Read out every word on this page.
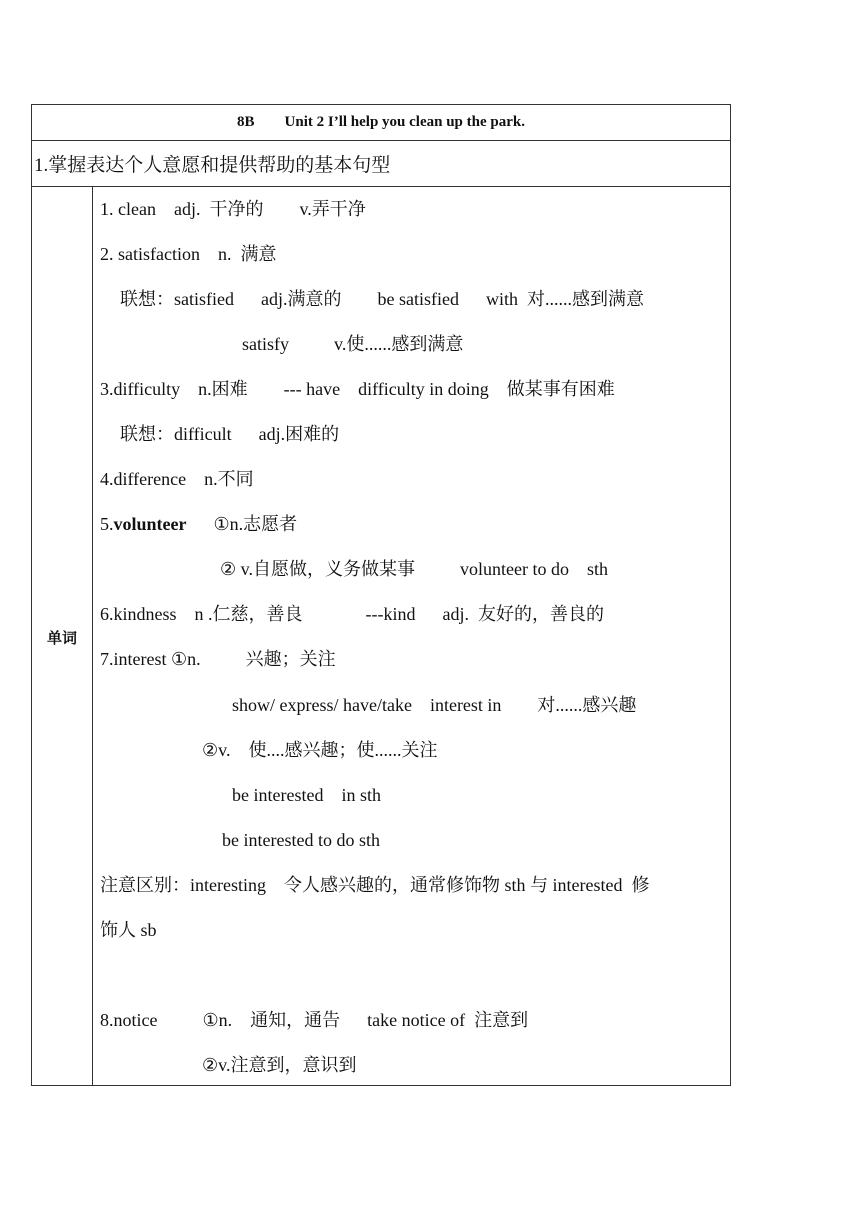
8B        Unit 2 I’ll help you clean up the park.
1.掌握表达个人意愿和提供帮助的基本句型
单词
1. clean    adj.  干净的        v.弄干净
2. satisfaction    n.  满意
联想：satisfied      adj.满意的        be satisfied      with  对......感到满意
satisfy          v.使......感到满意
3.difficulty    n.困难        --- have    difficulty in doing    做某事有困难
联想：difficult      adj.困难的
4.difference    n.不同
5.volunteer      ①n.志愿者
② v.自愿做，义务做某事          volunteer to do    sth
6.kindness    n .仁慈，善良              ---kind      adj.  友好的，善良的
7.interest ①n.          兴趣；关注
show/ express/ have/take    interest in        对......感兴趣
②v.    使....感兴趣；使......关注
be interested    in sth
be interested to do sth
注意区别：interesting    令人感兴趣的，通常修饰物 sth 与 interested  修
饰人 sb
8.notice          ①n.    通知，通告      take notice of  注意到
②v.注意到，意识到
